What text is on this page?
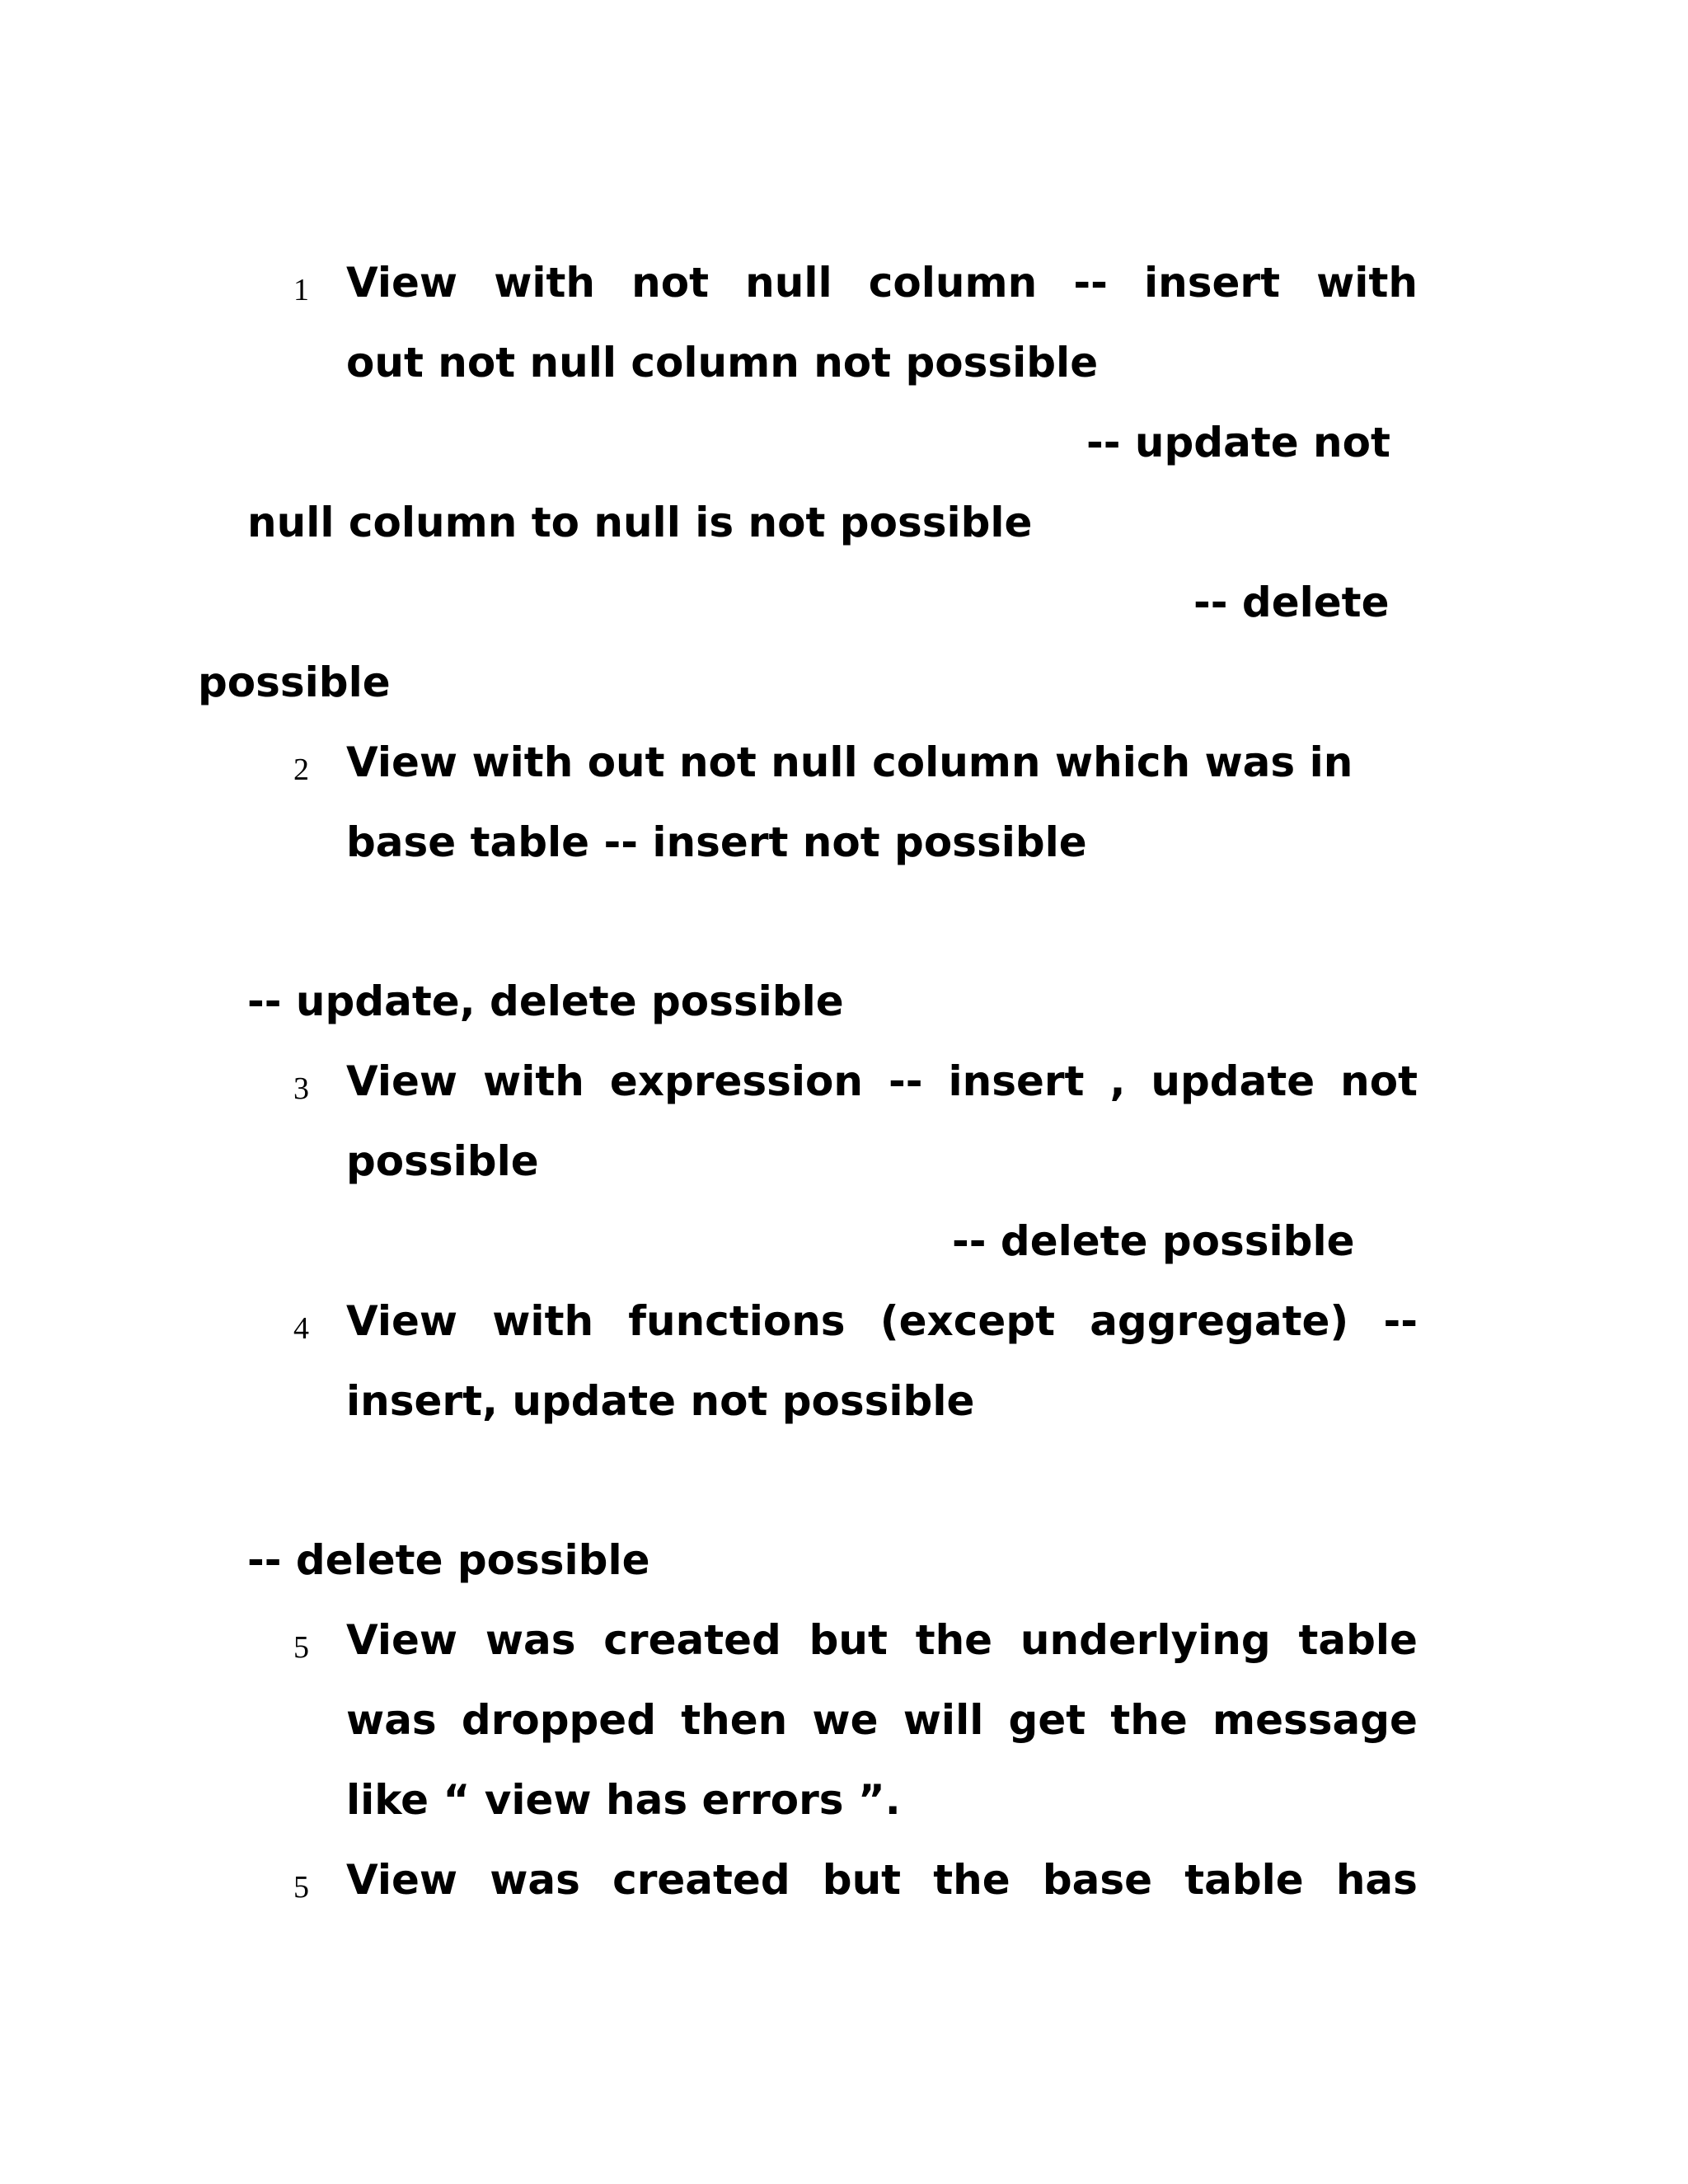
1 View with not null column -- insert with
out not null column not possible
-- update not
null column to null is not possible
-- delete
possible
2 View with out not null column which was in
base table -- insert not possible
-- update, delete possible
3 View with expression -- insert , update not
possible
-- delete possible
4 View with functions (except aggregate) --
insert, update not possible
-- delete possible
5 View was created but the underlying table
was dropped then we will get the message
like “ view has errors ”.
5 View was created but the base table has
